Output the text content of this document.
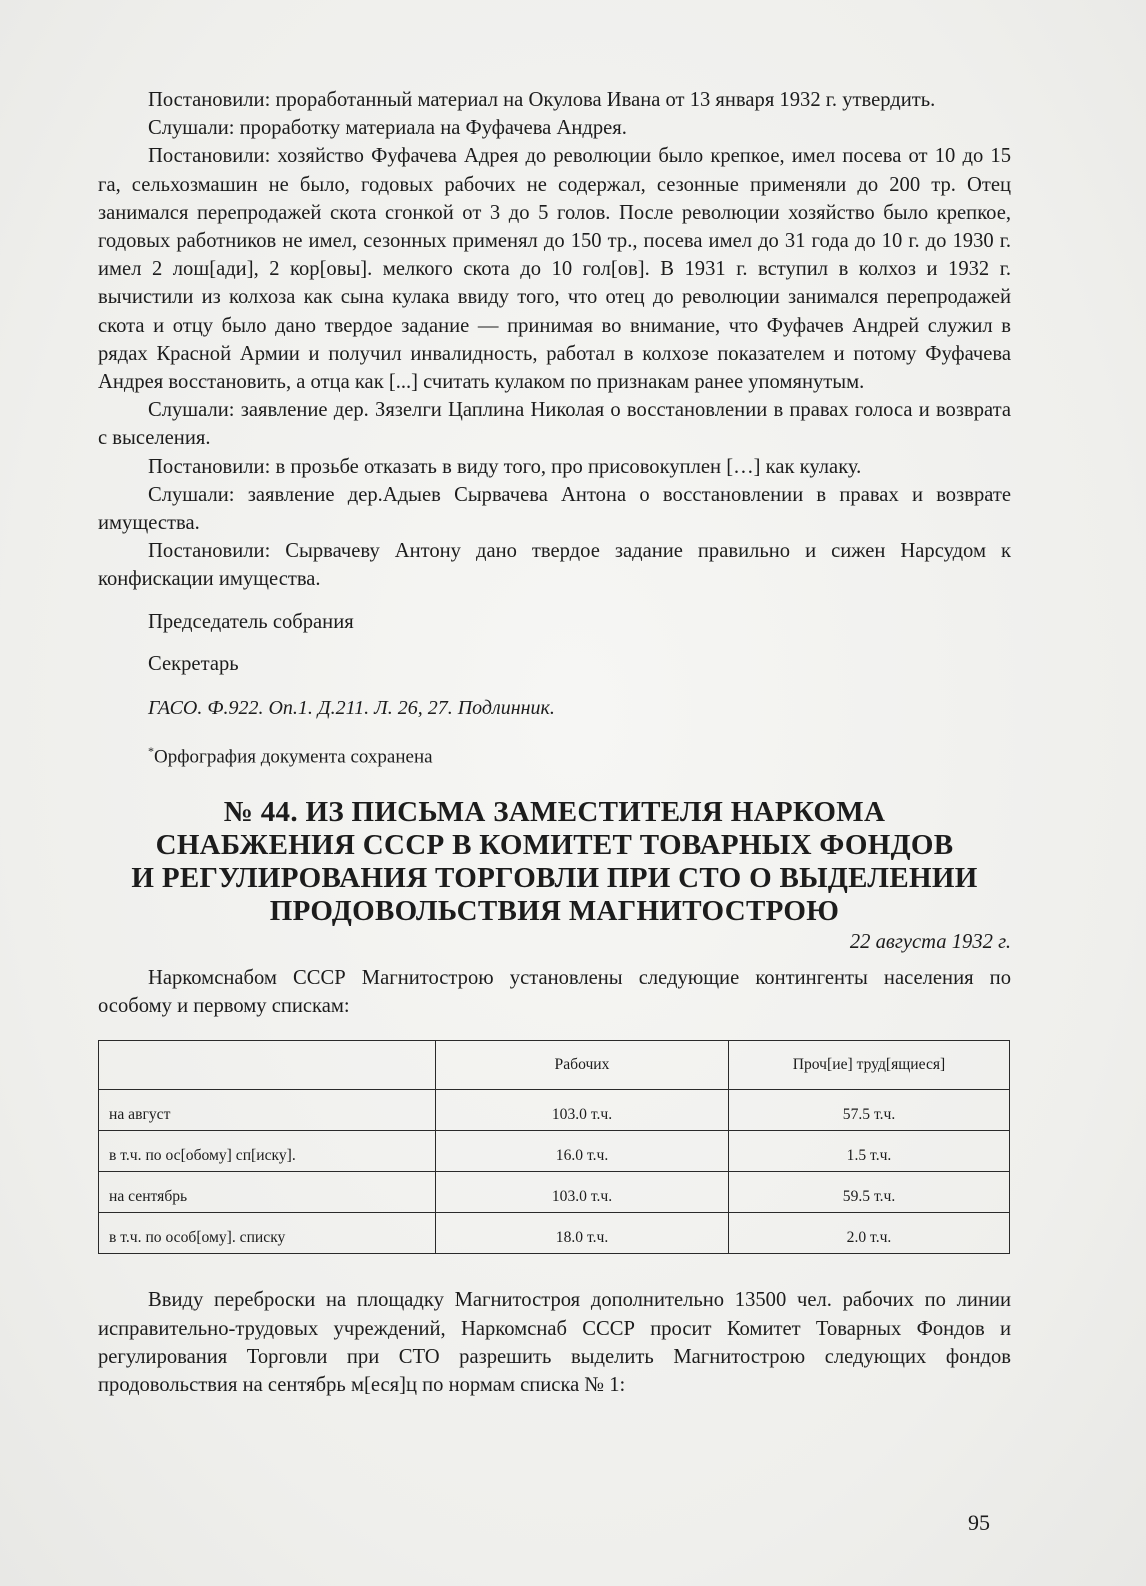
Постановили: проработанный материал на Окулова Ивана от 13 января 1932 г. утвердить.

Слушали: проработку материала на Фуфачева Андрея.

Постановили: хозяйство Фуфачева Адрея до революции было крепкое, имел посева от 10 до 15 га, сельхозмашин не было, годовых рабочих не содержал, сезонные применяли до 200 тр. Отец занимался перепродажей скота сгонкой от 3 до 5 голов. После революции хозяйство было крепкое, годовых работников не имел, сезонных применял до 150 тр., посева имел до 31 года до 10 г. до 1930 г. имел 2 лош[ади], 2 кор[овы]. мелкого скота до 10 гол[ов]. В 1931 г. вступил в колхоз и 1932 г. вычистили из колхоза как сына кулака ввиду того, что отец до революции занимался перепродажей скота и отцу было дано твердое задание — принимая во внимание, что Фуфачев Андрей служил в рядах Красной Армии и получил инвалидность, работал в колхозе показателем и потому Фуфачева Андрея восстановить, а отца как [...] считать кулаком по признакам ранее упомянутым.

Слушали: заявление дер. Зязелги Цаплина Николая о восстановлении в правах голоса и возврата с выселения.

Постановили: в прозьбе отказать в виду того, про присовокуплен […] как кулаку.

Слушали: заявление дер.Адыев Сырвачева Антона о восстановлении в правах и возврате имущества.

Постановили: Сырвачеву Антону дано твердое задание правильно и сижен Нарсудом к конфискации имущества.

Председатель собрания

Секретарь

ГАСО. Ф.922. Оп.1. Д.211. Л. 26, 27. Подлинник.

*Орфография документа сохранена

№ 44. ИЗ ПИСЬМА ЗАМЕСТИТЕЛЯ НАРКОМА
СНАБЖЕНИЯ СССР В КОМИТЕТ ТОВАРНЫХ ФОНДОВ
И РЕГУЛИРОВАНИЯ ТОРГОВЛИ ПРИ СТО О ВЫДЕЛЕНИИ
ПРОДОВОЛЬСТВИЯ МАГНИТОСТРОЮ

22 августа 1932 г.

Наркомснабом СССР Магнитострою установлены следующие контингенты населения по особому и первому спискам:

	Рабочих	Проч[ие] труд[ящиеся]
на август	103.0 т.ч.	57.5 т.ч.
в т.ч. по ос[обому] сп[иску].	16.0 т.ч.	1.5 т.ч.
на сентябрь	103.0 т.ч.	59.5 т.ч.
в т.ч. по особ[ому]. списку	18.0 т.ч.	2.0 т.ч.

Ввиду переброски на площадку Магнитостроя дополнительно 13500 чел. рабочих по линии исправительно-трудовых учреждений, Наркомснаб СССР просит Комитет Товарных Фондов и регулирования Торговли при СТО разрешить выделить Магнитострою следующих фондов продовольствия на сентябрь м[еся]ц по нормам списка № 1:

95
